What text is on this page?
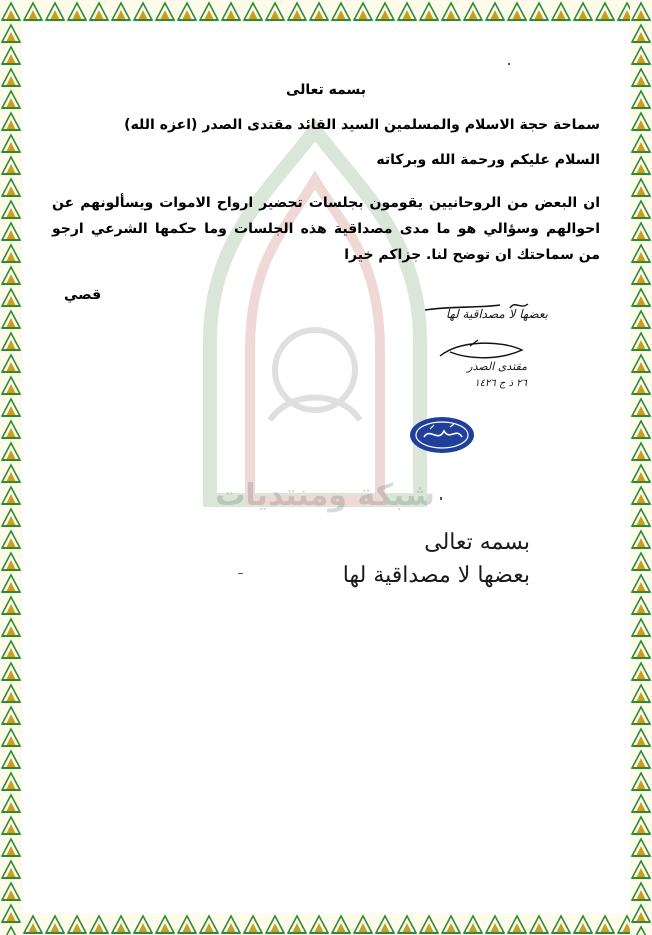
شبكة ومنتديات
بسمه تعالى
سماحة حجة الاسلام والمسلمين السيد القائد مقتدى الصدر (اعزه الله)
السلام عليكم ورحمة الله وبركاته
ان البعض من الروحانيين يقومون بجلسات تحضير ارواح الاموات ويسألونهم عن احوالهم وسؤالي هو ما مدى مصداقية هذه الجلسات وما حكمها الشرعي ارجو من سماحتك ان توضح لنا. جزاكم خيرا
قصي
بعضها لا مصداقية لها
مقتدى الصدر
٢٦ ذ ج ١٤٢٦
بسمه تعالى
بعضها لا مصداقية لها
